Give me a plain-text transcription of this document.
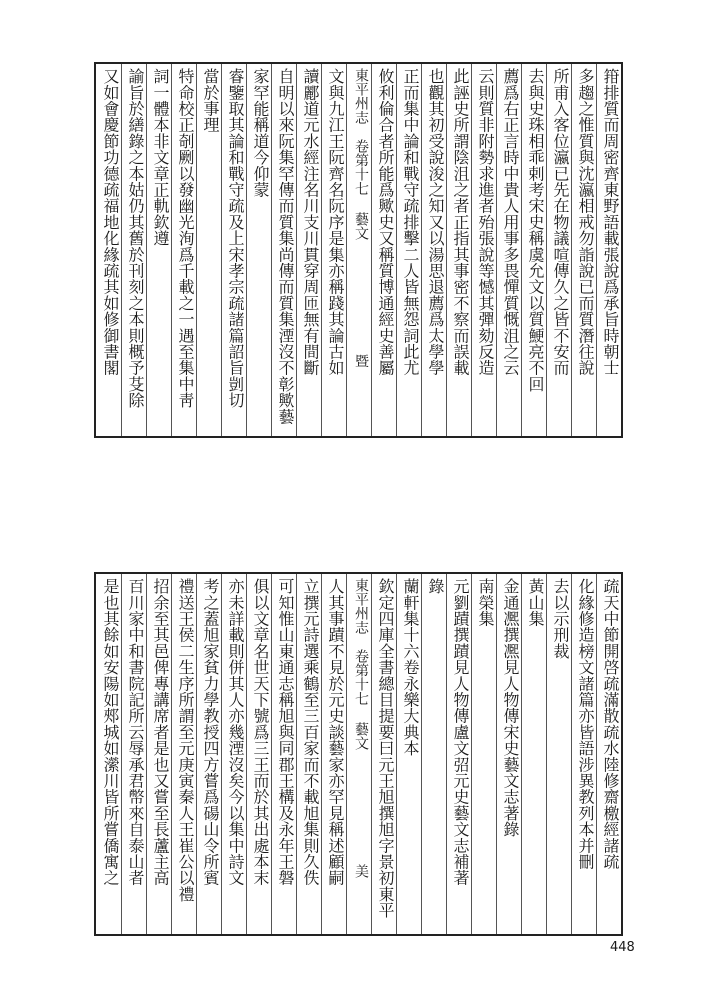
箝排質而周密齊東野語載張說爲承旨時朝士
多趨之惟質與沈瀛相戒勿詣說已而質潛往說
所甫入客位瀛已先在物議喧傳久之皆不安而
去與史珠相乖剌考宋史稱虞允文以質鯁亮不回
薦爲右正言時中貴人用事多畏憚質慨沮之云
云則質非附勢求進者殆張說等憾其彈劾反造
此誣史所謂陰沮之者正指其事密不察而誤載
也觀其初受說浚之知又以湯思退薦爲太學學
正而集中論和戰守疏排擊二人皆無怨詞此尤
攸利倫合者所能爲歟史又稱質博通經史善屬
東平州志　卷第十七 藝文　　　　　　　　暨
文與九江王阮齊名阮序是集亦稱踐其論古如
讀酈道元水經注名川支川貫穿周匝無有間斷
自明以來阮集罕傳而質集尚傳而質集湮沒不彰歟藝
家罕能稱道今仰蒙
睿鑒取其論和戰守疏及上宋孝宗疏諸篇詔旨剴切
當於事理
特命校正剞劂以發幽光洵爲千載之一遇至集中靑
詞一體本非文章正軌欽遵
諭旨於繕錄之本姑仍其舊於刊刻之本則概予芟除
又如會慶節功德疏福地化緣疏其如修御書閣
疏天中節開啓疏滿散疏水陸修齋檄經諸疏
化緣修造榜文諸篇亦皆語涉異教列本并刪
去以示刑裁
黃山集
金通凞撰凞見人物傳宋史藝文志著錄
南榮集
元劉蹟撰蹟見人物傳盧文弨元史藝文志補著
錄
蘭軒集十六卷永樂大典本
欽定四庫全書總目提要曰元王旭撰旭字景初東平
東平州志　卷第十七 藝文　　　　　　　　美
人其事蹟不見於元史談藝家亦罕見稱述顧嗣
立撰元詩選乘鶴至三百家而不載旭集則久佚
可知惟山東通志稱旭與同郡王構及永年王磐
俱以文章名世天下號爲三王而於其出處本末
亦未詳載則併其人亦幾湮沒矣今以集中詩文
考之蓋旭家貧力學教授四方嘗爲碭山令所賓
禮送王侯二生序所謂至元庚寅秦人王崔公以禮
招余至其邑俾專講席者是也又嘗至長蘆主高
百川家中和書院記所云辱承君幣來自泰山者
是也其餘如安陽如郟城如瀠川皆所嘗僑寓之
448
